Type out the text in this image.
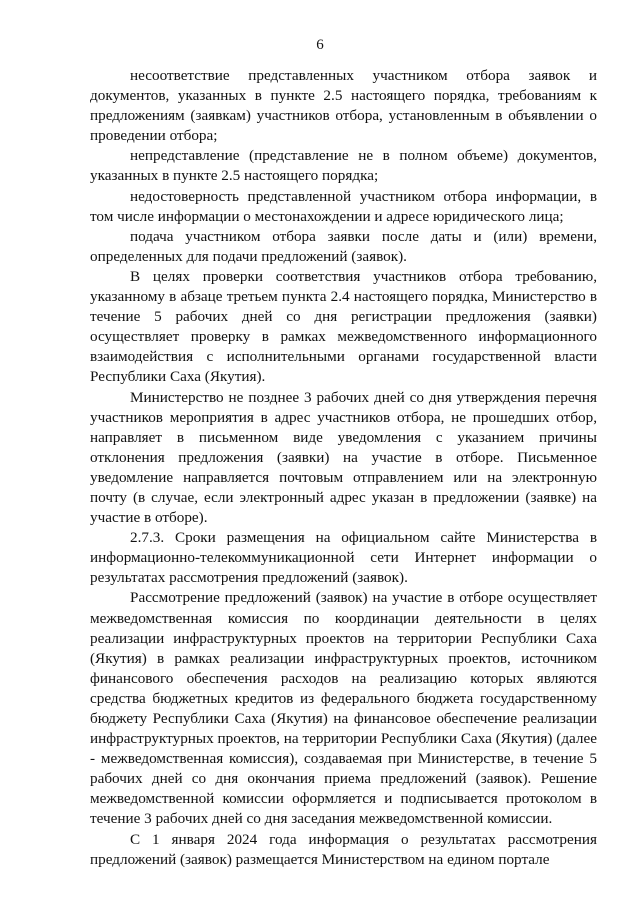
6

несоответствие представленных участником отбора заявок и документов, указанных в пункте 2.5 настоящего порядка, требованиям к предложениям (заявкам) участников отбора, установленным в объявлении о проведении отбора;

непредставление (представление не в полном объеме) документов, указанных в пункте 2.5 настоящего порядка;

недостоверность представленной участником отбора информации, в том числе информации о местонахождении и адресе юридического лица;

подача участником отбора заявки после даты и (или) времени, определенных для подачи предложений (заявок).

В целях проверки соответствия участников отбора требованию, указанному в абзаце третьем пункта 2.4 настоящего порядка, Министерство в течение 5 рабочих дней со дня регистрации предложения (заявки) осуществляет проверку в рамках межведомственного информационного взаимодействия с исполнительными органами государственной власти Республики Саха (Якутия).

Министерство не позднее 3 рабочих дней со дня утверждения перечня участников мероприятия в адрес участников отбора, не прошедших отбор, направляет в письменном виде уведомления с указанием причины отклонения предложения (заявки) на участие в отборе. Письменное уведомление направляется почтовым отправлением или на электронную почту (в случае, если электронный адрес указан в предложении (заявке) на участие в отборе).

2.7.3. Сроки размещения на официальном сайте Министерства в информационно-телекоммуникационной сети Интернет информации о результатах рассмотрения предложений (заявок).

Рассмотрение предложений (заявок) на участие в отборе осуществляет межведомственная комиссия по координации деятельности в целях реализации инфраструктурных проектов на территории Республики Саха (Якутия) в рамках реализации инфраструктурных проектов, источником финансового обеспечения расходов на реализацию которых являются средства бюджетных кредитов из федерального бюджета государственному бюджету Республики Саха (Якутия) на финансовое обеспечение реализации инфраструктурных проектов, на территории Республики Саха (Якутия) (далее - межведомственная комиссия), создаваемая при Министерстве, в течение 5 рабочих дней со дня окончания приема предложений (заявок). Решение межведомственной комиссии оформляется и подписывается протоколом в течение 3 рабочих дней со дня заседания межведомственной комиссии.

С 1 января 2024 года информация о результатах рассмотрения предложений (заявок) размещается Министерством на едином портале
